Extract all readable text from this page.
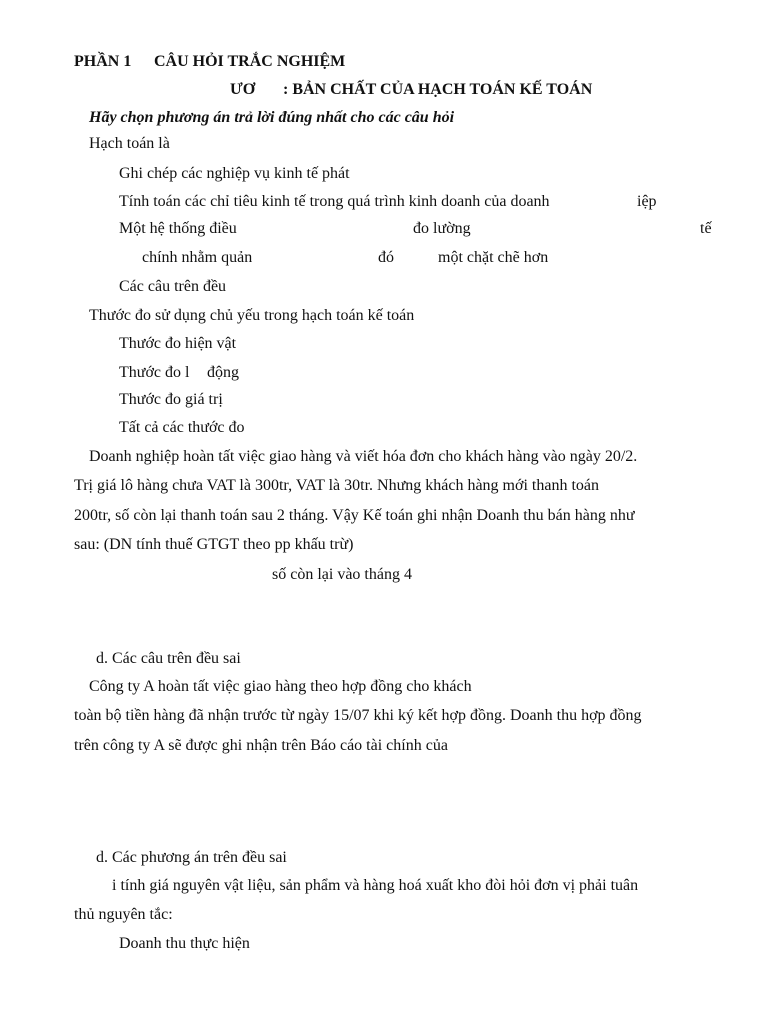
PHẦN 1 CÂU HỎI TRẮC NGHIỆM
ƯƠ : BẢN CHẤT CỦA HẠCH TOÁN KẾ TOÁN
Hãy chọn phương án trả lời đúng nhất cho các câu hỏi
Hạch toán là
Ghi chép các nghiệp vụ kinh tế phát
Tính toán các chỉ tiêu kinh tế trong quá trình kinh doanh của doanh	iệp
Một hệ thống điều	đo lường	tế
chính nhằm quản	đó	một chặt chẽ hơn
Các câu trên đều
Thước đo sử dụng chủ yếu trong hạch toán kế toán
Thước đo hiện vật
Thước đo l động
Thước đo giá trị
Tất cả các thước đo
Doanh nghiệp hoàn tất việc giao hàng và viết hóa đơn cho khách hàng vào ngày 20/2.
Trị giá lô hàng chưa VAT là 300tr, VAT là 30tr. Nhưng khách hàng mới thanh toán
200tr, số còn lại thanh toán sau 2 tháng. Vậy Kế toán ghi nhận Doanh thu bán hàng như
sau: (DN tính thuế GTGT theo pp khấu trừ)
số còn lại vào tháng 4
d. Các câu trên đều sai
Công ty A hoàn tất việc giao hàng theo hợp đồng cho khách
toàn bộ tiền hàng đã nhận trước từ ngày 15/07 khi ký kết hợp đồng. Doanh thu hợp đồng
trên công ty A sẽ được ghi nhận trên Báo cáo tài chính của
d. Các phương án trên đều sai
i tính giá nguyên vật liệu, sản phẩm và hàng hoá xuất kho đòi hỏi đơn vị phải tuân
thủ nguyên tắc:
Doanh thu thực hiện
